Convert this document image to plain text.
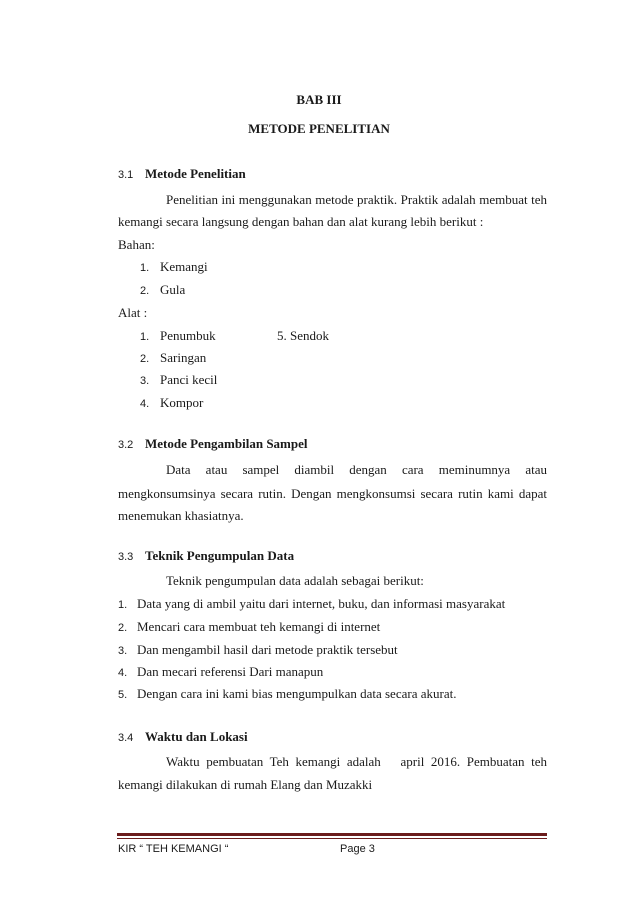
BAB III
METODE PENELITIAN
3.1 Metode Penelitian
Penelitian ini menggunakan metode praktik. Praktik adalah membuat teh
kemangi secara langsung dengan bahan dan alat kurang lebih berikut :
Bahan:
1. Kemangi
2. Gula
Alat :
1. Penumbuk	5. Sendok
2. Saringan
3. Panci kecil
4. Kompor
3.2 Metode Pengambilan Sampel
Data atau sampel diambil dengan cara meminumnya atau
mengkonsumsinya secara rutin. Dengan mengkonsumsi secara rutin kami dapat
menemukan khasiatnya.
3.3 Teknik Pengumpulan Data
Teknik pengumpulan data adalah sebagai berikut:
1. Data yang di ambil yaitu dari internet, buku, dan informasi masyarakat
2. Mencari cara membuat teh kemangi di internet
3. Dan mengambil hasil dari metode praktik tersebut
4. Dan mecari referensi Dari manapun
5. Dengan cara ini kami bias mengumpulkan data secara akurat.
3.4 Waktu dan Lokasi
Waktu pembuatan Teh kemangi adalah   april 2016. Pembuatan teh
kemangi dilakukan di rumah Elang dan Muzakki
KIR “ TEH KEMANGI “	Page 3
